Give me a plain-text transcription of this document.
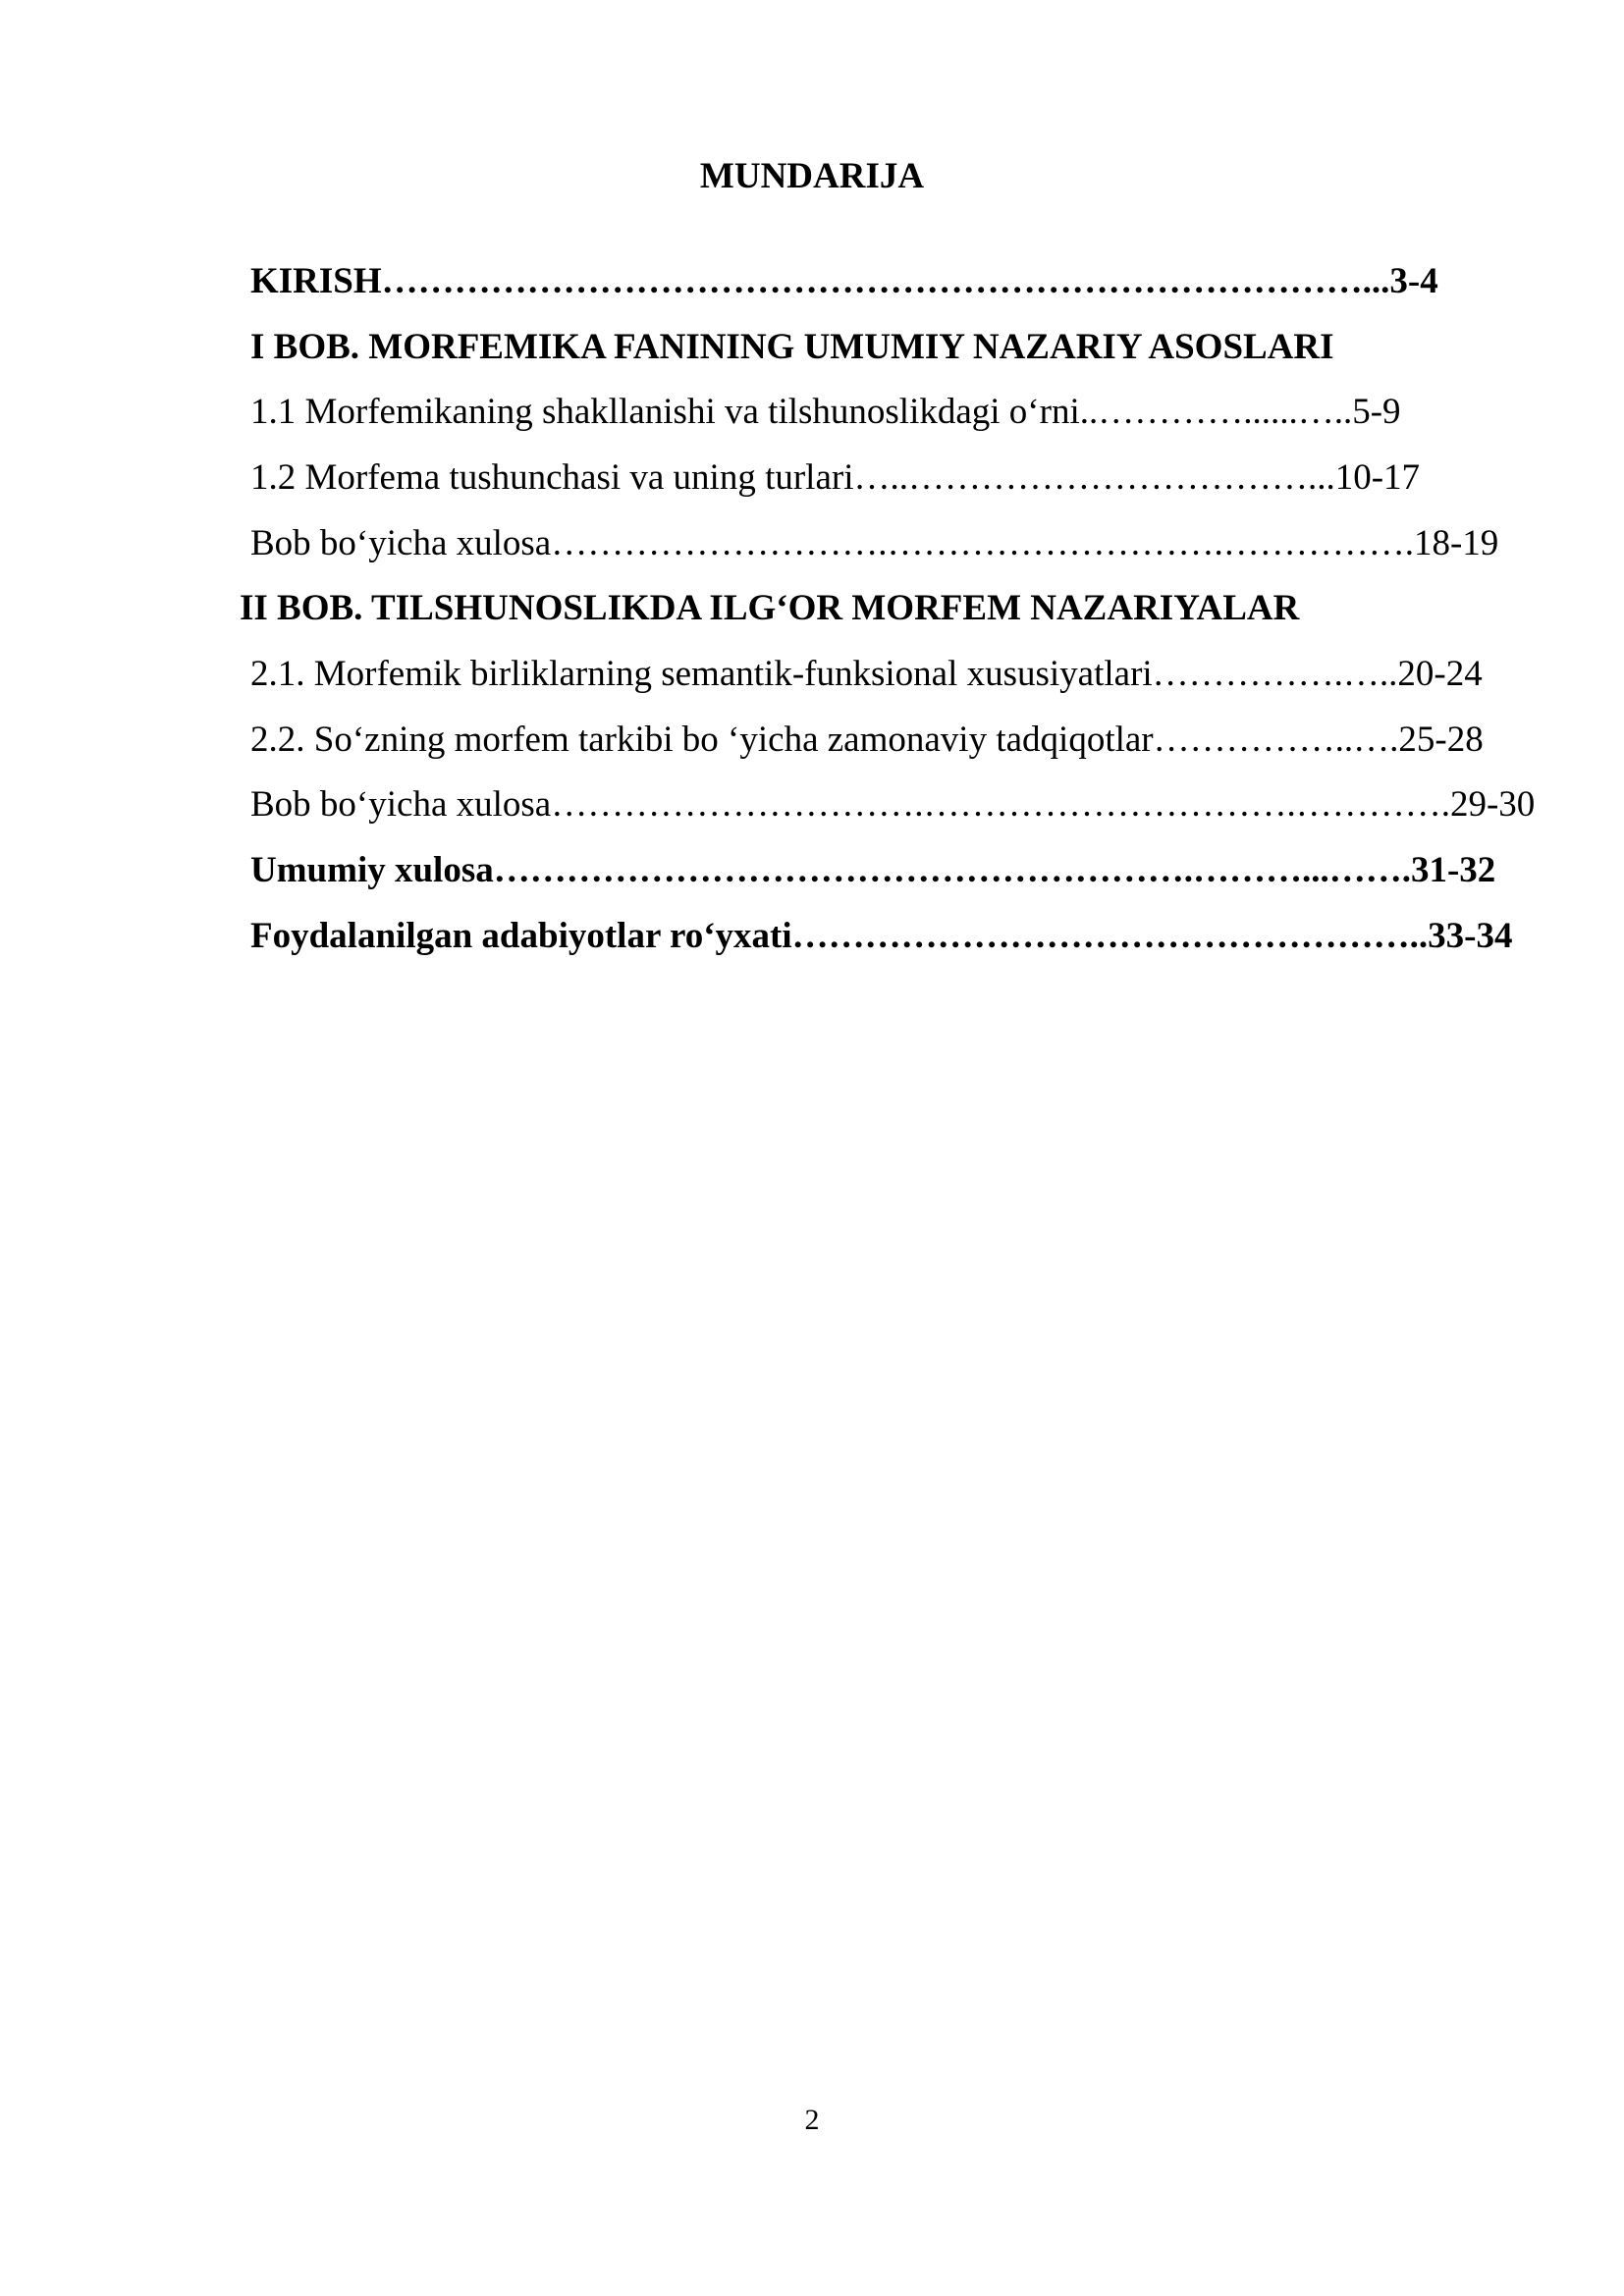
MUNDARIJA

KIRISH………………………………………………………………………...3-4

I BOB. MORFEMIKA FANINING UMUMIY NAZARIY ASOSLARI

1.1 Morfemikaning shakllanishi va tilshunoslikdagi o‘rni..…………......…..5-9

1.2 Morfema tushunchasi va uning turlari…..……………………………...10-17

Bob bo‘yicha xulosa……………………….……………………….…………….18-19

II BOB. TILSHUNOSLIKDA ILG‘OR MORFEM NAZARIYALAR

2.1. Morfemik birliklarning semantik-funksional xususiyatlari…………….…..20-24

2.2. So‘zning morfem tarkibi bo ‘yicha zamonaviy tadqiqotlar……………..….25-28

Bob bo‘yicha xulosa………………………….………………………….………….29-30

Umumiy xulosa………………………………………………….………...…….31-32

Foydalanilgan adabiyotlar ro‘yxati……………………………………………..33-34

2
